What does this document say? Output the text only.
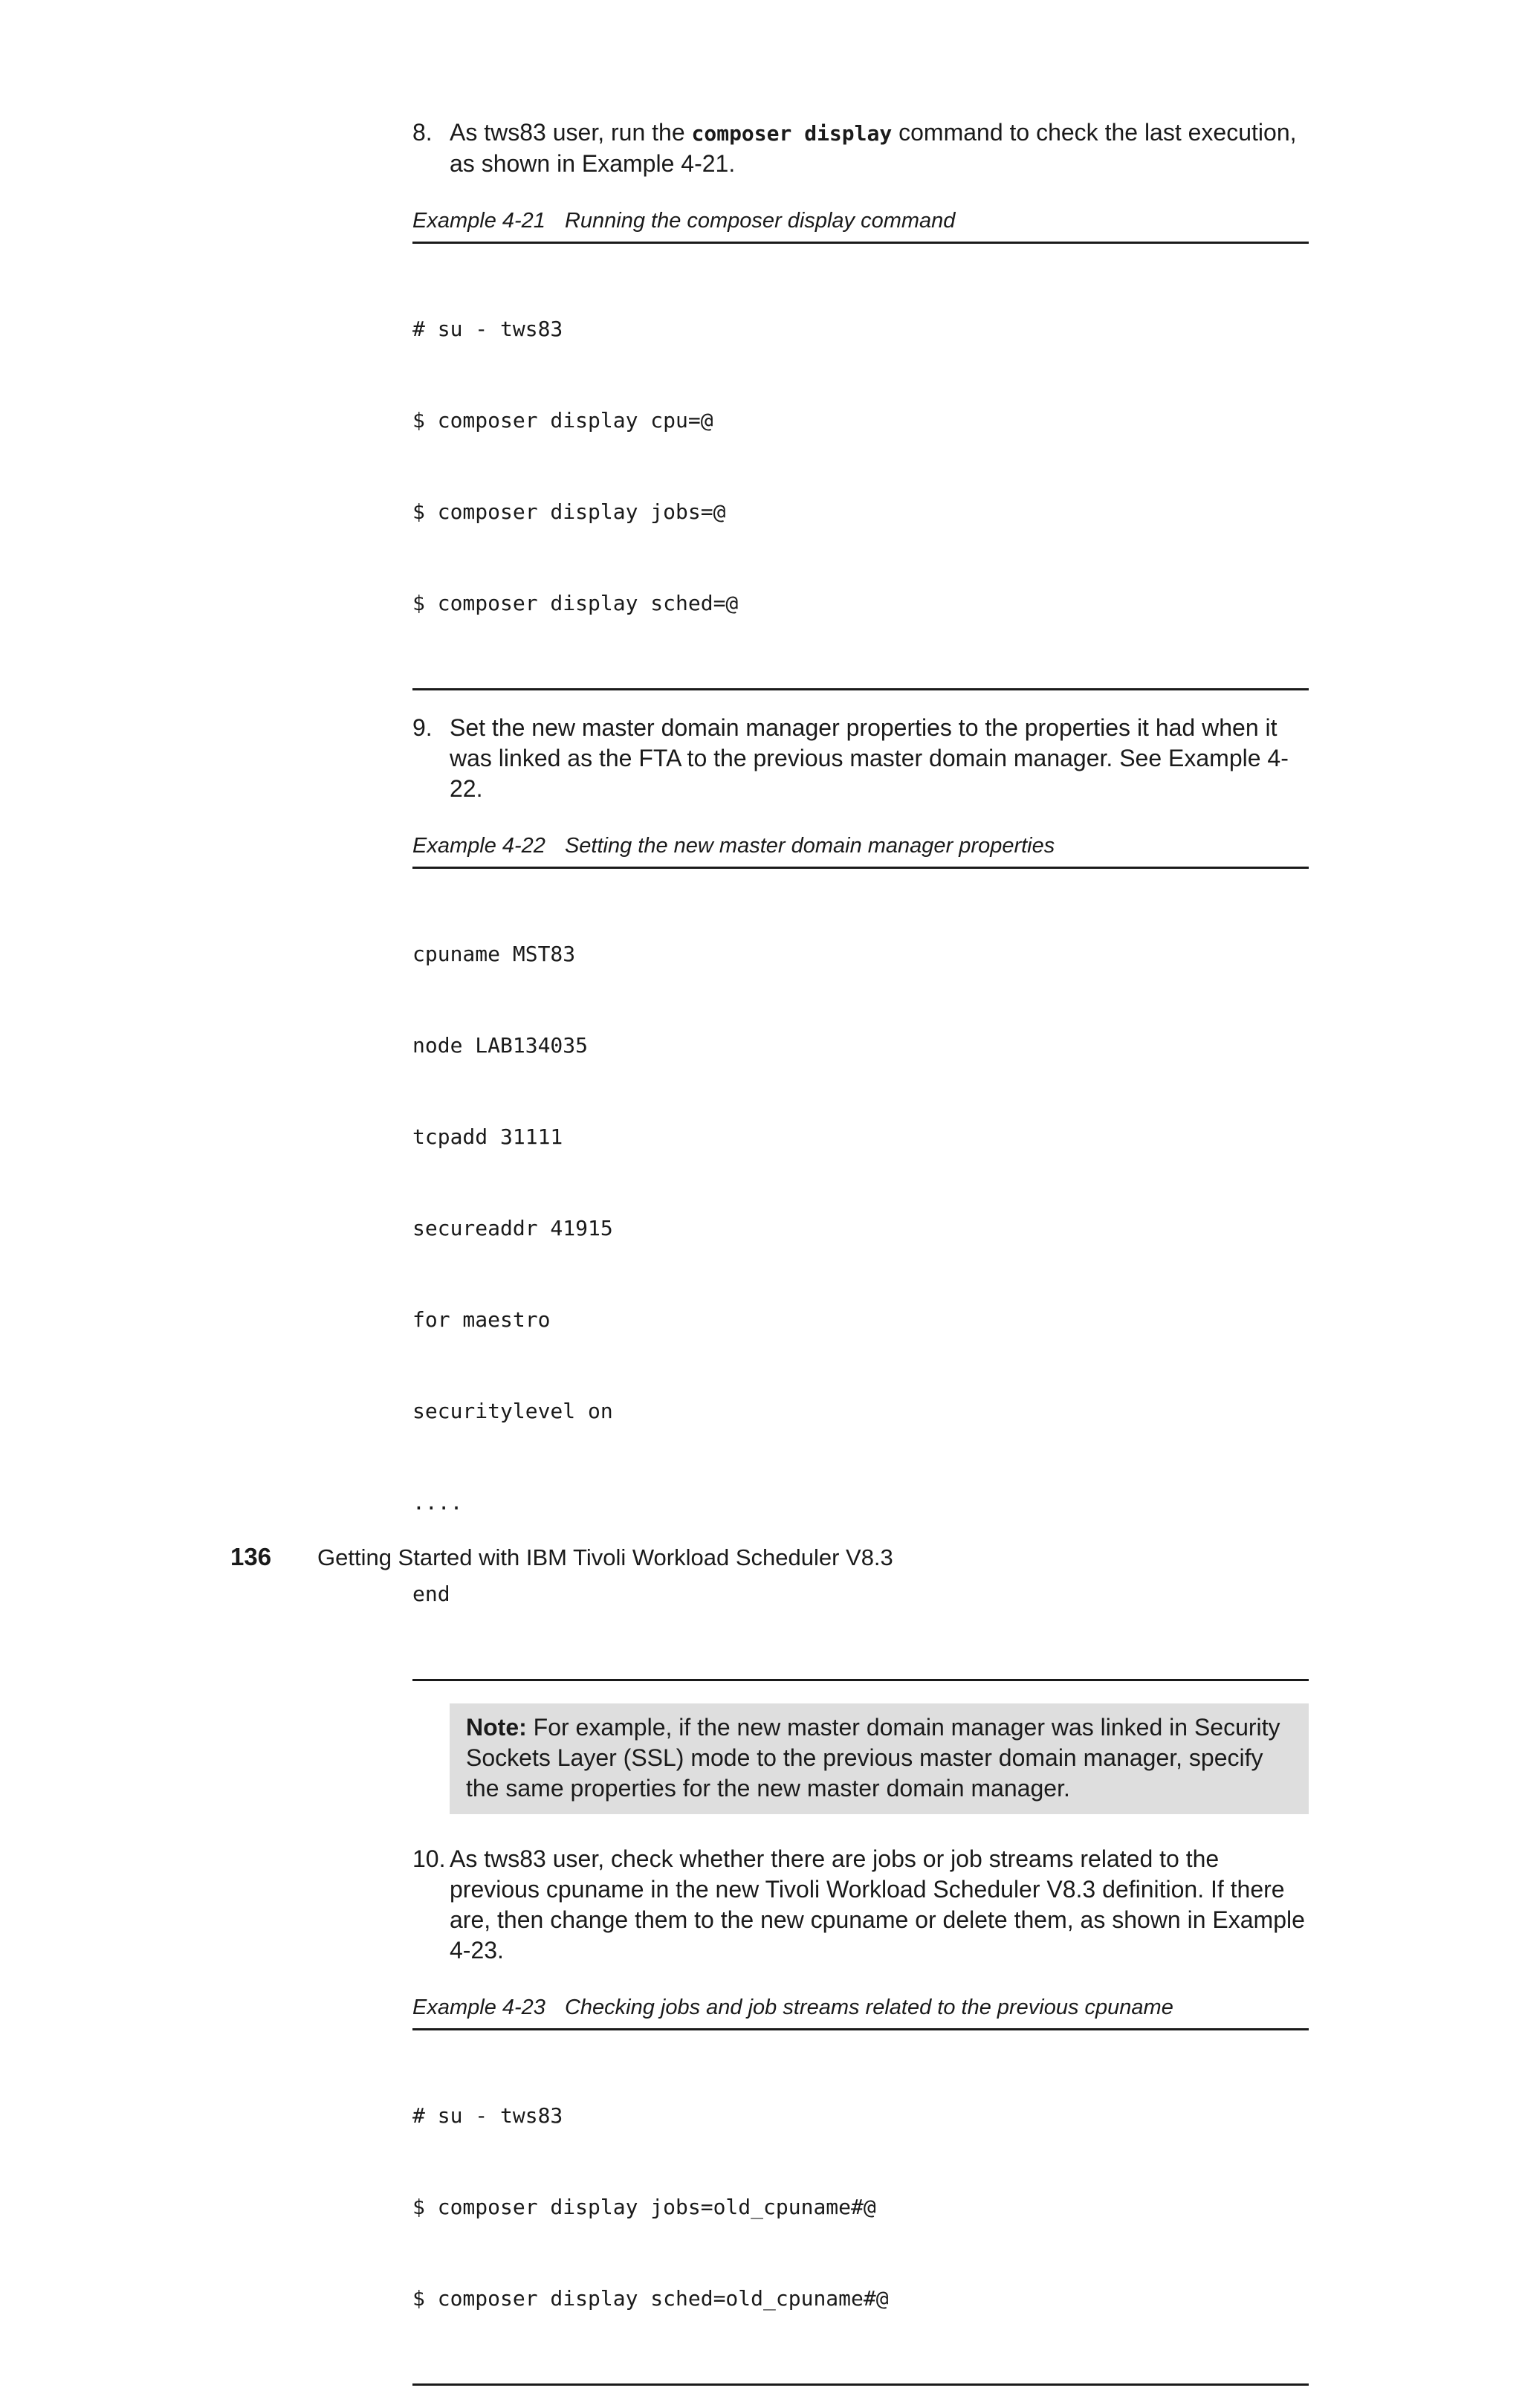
8. As tws83 user, run the composer display command to check the last execution, as shown in Example 4-21.
Example 4-21 Running the composer display command

# su - tws83

$ composer display cpu=@

$ composer display jobs=@

$ composer display sched=@

9. Set the new master domain manager properties to the properties it had when it was linked as the FTA to the previous master domain manager. See Example 4-22.
Example 4-22 Setting the new master domain manager properties

cpuname MST83

node LAB134035

tcpadd 31111

secureaddr 41915

for maestro

securitylevel on

....

end

Note: For example, if the new master domain manager was linked in Security Sockets Layer (SSL) mode to the previous master domain manager, specify the same properties for the new master domain manager.
10. As tws83 user, check whether there are jobs or job streams related to the previous cpuname in the new Tivoli Workload Scheduler V8.3 definition. If there are, then change them to the new cpuname or delete them, as shown in Example 4-23.
Example 4-23 Checking jobs and job streams related to the previous cpuname

# su - tws83

$ composer display jobs=old_cpuname#@

$ composer display sched=old_cpuname#@

136 Getting Started with IBM Tivoli Workload Scheduler V8.3
